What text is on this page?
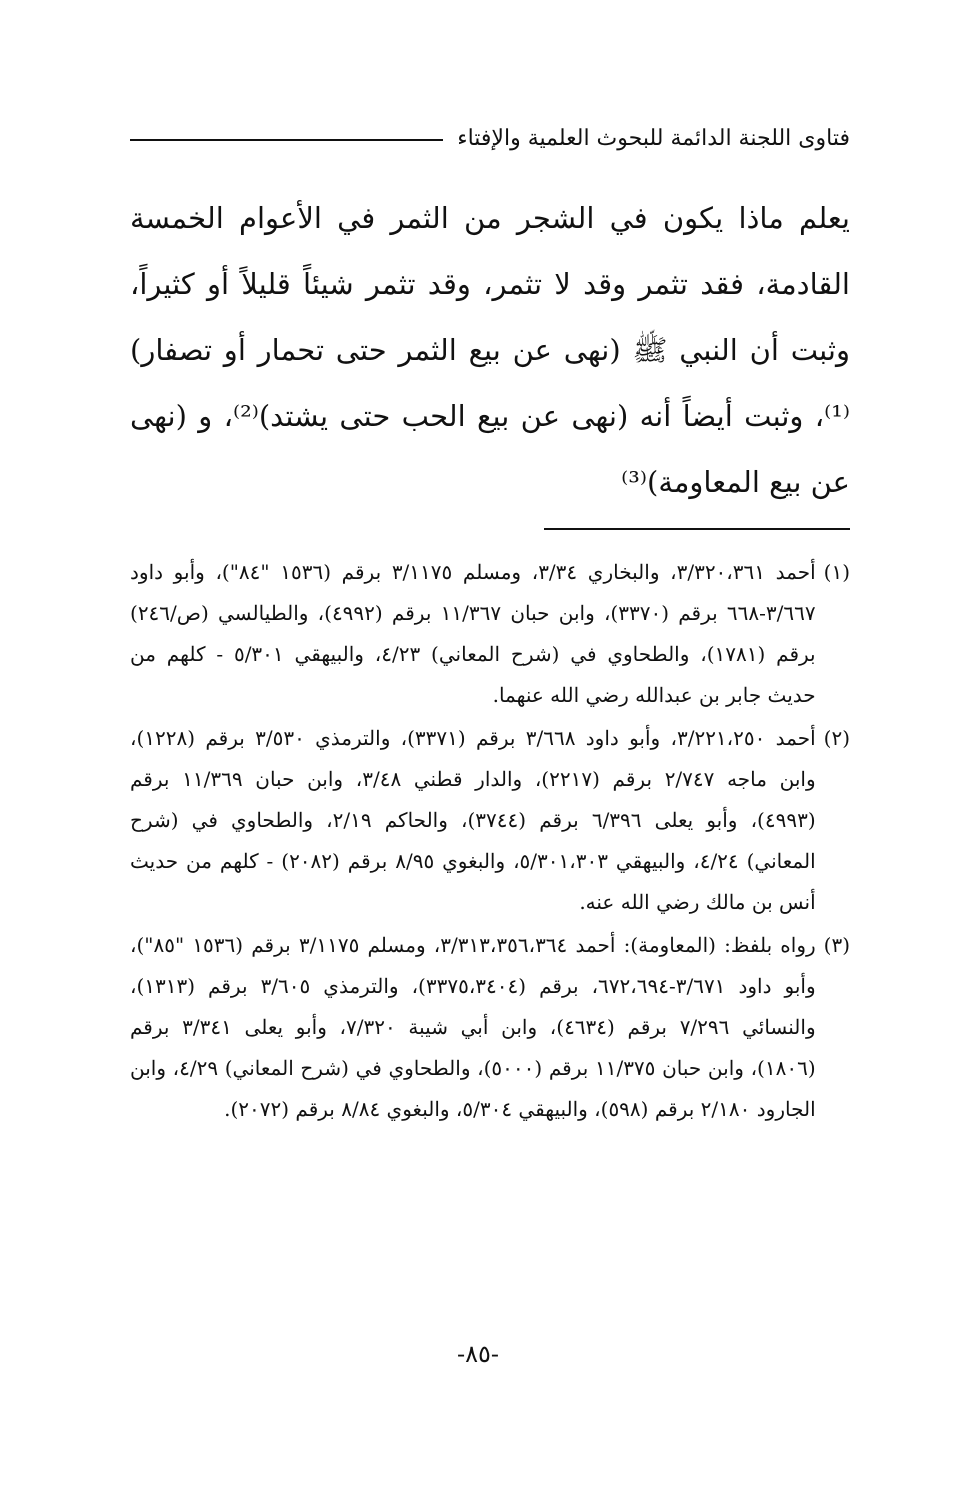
فتاوى اللجنة الدائمة للبحوث العلمية والإفتاء

يعلم ماذا يكون في الشجر من الثمر في الأعوام الخمسة القادمة، فقد تثمر وقد لا تثمر، وقد تثمر شيئاً قليلاً أو كثيراً، وثبت أن النبي ﷺ (نهى عن بيع الثمر حتى تحمار أو تصفار)⁽¹⁾، وثبت أيضاً أنه (نهى عن بيع الحب حتى يشتد)⁽²⁾، و (نهى عن بيع المعاومة)⁽³⁾

(١)
أحمد ٣/٣٢٠،٣٦١، والبخاري ٣/٣٤، ومسلم ٣/١١٧٥ برقم (١٥٣٦ "٨٤")، وأبو داود ٣/٦٦٧-٦٦٨ برقم (٣٣٧٠)، وابن حبان ١١/٣٦٧ برقم (٤٩٩٢)، والطيالسي (ص/٢٤٦) برقم (١٧٨١)، والطحاوي في (شرح المعاني) ٤/٢٣، والبيهقي ٥/٣٠١ - كلهم من حديث جابر بن عبدالله رضي الله عنهما.
(٢)
أحمد ٣/٢٢١،٢٥٠، وأبو داود ٣/٦٦٨ برقم (٣٣٧١)، والترمذي ٣/٥٣٠ برقم (١٢٢٨)، وابن ماجه ٢/٧٤٧ برقم (٢٢١٧)، والدار قطني ٣/٤٨، وابن حبان ١١/٣٦٩ برقم (٤٩٩٣)، وأبو يعلى ٦/٣٩٦ برقم (٣٧٤٤)، والحاكم ٢/١٩، والطحاوي في (شرح المعاني) ٤/٢٤، والبيهقي ٥/٣٠١،٣٠٣، والبغوي ٨/٩٥ برقم (٢٠٨٢) - كلهم من حديث أنس بن مالك رضي الله عنه.
(٣)
رواه بلفظ: (المعاومة): أحمد ٣/٣١٣،٣٥٦،٣٦٤، ومسلم ٣/١١٧٥ برقم (١٥٣٦ "٨٥")، وأبو داود ٣/٦٧١-٦٧٢،٦٩٤، برقم (٣٣٧٥،٣٤٠٤)، والترمذي ٣/٦٠٥ برقم (١٣١٣)، والنسائي ٧/٢٩٦ برقم (٤٦٣٤)، وابن أبي شيبة ٧/٣٢٠، وأبو يعلى ٣/٣٤١ برقم (١٨٠٦)، وابن حبان ١١/٣٧٥ برقم (٥٠٠٠)، والطحاوي في (شرح المعاني) ٤/٢٩، وابن الجارود ٢/١٨٠ برقم (٥٩٨)، والبيهقي ٥/٣٠٤، والبغوي ٨/٨٤ برقم (٢٠٧٢).
-٨٥-
